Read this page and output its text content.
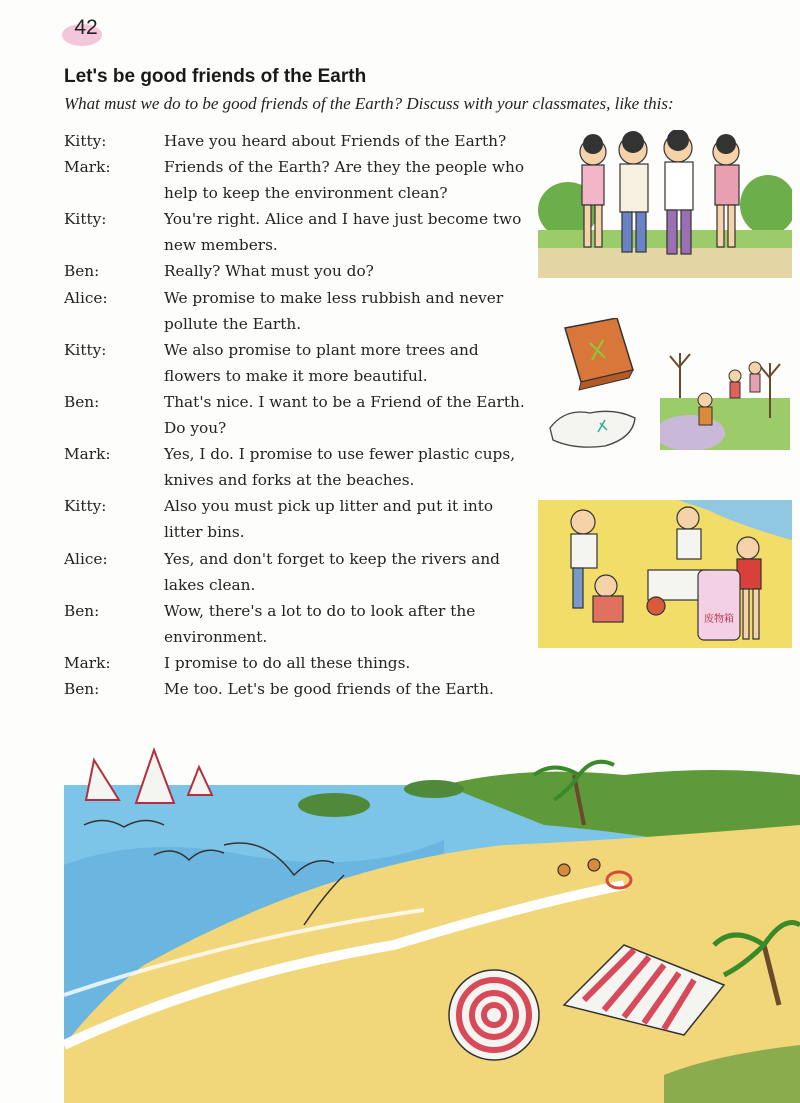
42
Let's be good friends of the Earth
What must we do to be good friends of the Earth? Discuss with your classmates, like this:
Kitty:	Have you heard about Friends of the Earth?
Mark:	Friends of the Earth? Are they the people who help to keep the environment clean?
Kitty:	You're right. Alice and I have just become two new members.
Ben:	Really? What must you do?
Alice:	We promise to make less rubbish and never pollute the Earth.
Kitty:	We also promise to plant more trees and flowers to make it more beautiful.
Ben:	That's nice. I want to be a Friend of the Earth. Do you?
Mark:	Yes, I do. I promise to use fewer plastic cups, knives and forks at the beaches.
Kitty:	Also you must pick up litter and put it into litter bins.
Alice:	Yes, and don't forget to keep the rivers and lakes clean.
Ben:	Wow, there's a lot to do to look after the environment.
Mark:	I promise to do all these things.
Ben:	Me too. Let's be good friends of the Earth.
废物箱
